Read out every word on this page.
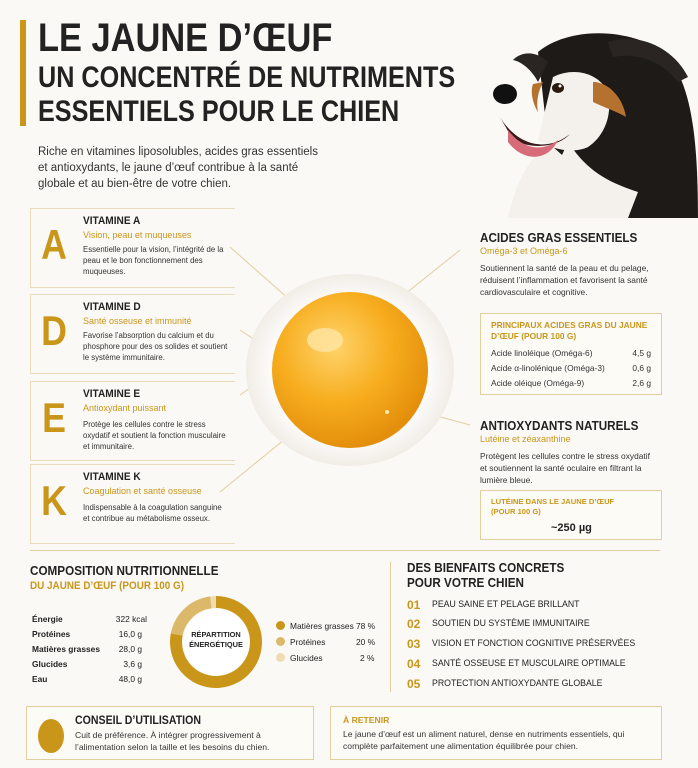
LE JAUNE D’ŒUF
UN CONCENTRÉ DE NUTRIMENTS
ESSENTIELS POUR LE CHIEN
Riche en vitamines liposolubles, acides gras essentiels et antioxydants, le jaune d’œuf contribue à la santé globale et au bien-être de votre chien.
A	VITAMINE A
Vision, peau et muqueuses
Essentielle pour la vision, l’intégrité de la peau et le bon fonctionnement des muqueuses.
D	VITAMINE D
Santé osseuse et immunité
Favorise l’absorption du calcium et du phosphore pour des os solides et soutient le système immunitaire.
E	VITAMINE E
Antioxydant puissant
Protège les cellules contre le stress oxydatif et soutient la fonction musculaire et immunitaire.
K	VITAMINE K
Coagulation et santé osseuse
Indispensable à la coagulation sanguine et contribue au métabolisme osseux.
ACIDES GRAS ESSENTIELS
Oméga-3 et Oméga-6
Soutiennent la santé de la peau et du pelage, réduisent l’inflammation et favorisent la santé cardiovasculaire et cognitive.
PRINCIPAUX ACIDES GRAS DU JAUNE D’ŒUF (POUR 100 G)
Acide linoléique (Oméga-6)	4,5 g
Acide α-linolénique (Oméga-3)	0,6 g
Acide oléique (Oméga-9)	2,6 g
ANTIOXYDANTS NATURELS
Lutéine et zéaxanthine
Protègent les cellules contre le stress oxydatif et soutiennent la santé oculaire en filtrant la lumière bleue.
LUTÉINE DANS LE JAUNE D’ŒUF (POUR 100 G)
~250 µg
COMPOSITION NUTRITIONNELLE
DU JAUNE D’ŒUF (POUR 100 G)
Énergie	322 kcal
Protéines	16,0 g
Matières grasses 28,0 g
Glucides	3,6 g
Eau	48,0 g
RÉPARTITION
ÉNERGÉTIQUE
Matières grasses 78 %
Protéines	20 %
Glucides	2 %
DES BIENFAITS CONCRETS
POUR VOTRE CHIEN
01 PEAU SAINE ET PELAGE BRILLANT
02 SOUTIEN DU SYSTÈME IMMUNITAIRE
03 VISION ET FONCTION COGNITIVE PRÉSERVÉES
04 SANTÉ OSSEUSE ET MUSCULAIRE OPTIMALE
05 PROTECTION ANTIOXYDANTE GLOBALE
CONSEIL D’UTILISATION
Cuit de préférence. À intégrer progressivement à l’alimentation selon la taille et les besoins du chien.
À RETENIR
Le jaune d’œuf est un aliment naturel, dense en nutriments essentiels, qui complète parfaitement une alimentation équilibrée pour chien.
